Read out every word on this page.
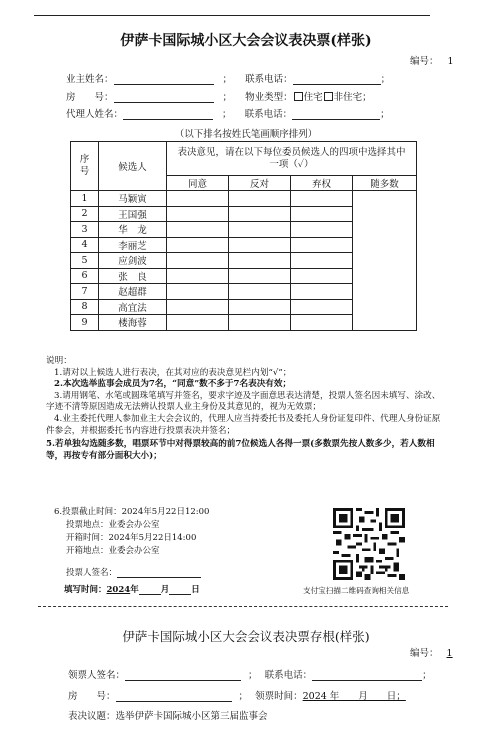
伊萨卡国际城小区大会会议表决票(样张)
编号： 1
业主姓名：	； 联系电话：	；
房　　号：	； 物业类型： 住宅 非住宅；
代理人姓名：	； 联系电话：	；
（以下排名按姓氏笔画顺序排列）
序号	候选人	表决意见，请在以下每位委员候选人的四项中选择其中一项（✓）			
		同意	反对	弃权	随多数
1	马颖寅				
2	王国强				
3	华　龙				
4	李丽芝				
5	应剑波				
6	张　良				
7	赵超群				
8	高宜法				
9	楼海蓉				

说明：

1.请对以上候选人进行表决，在其对应的表决意见栏内划“√”；

2.本次选举监事会成员为7名，“同意”数不多于7名表决有效；

3.请用钢笔、水笔或圆珠笔填写并签名，要求字迹及字面意思表达清楚，投票人签名因未填写、涂改、字迹不清等原因造成无法辨认投票人业主身份及其意见的，视为无效票；

4.业主委托代理人参加业主大会会议的，代理人应当持委托书及委托人身份证复印件、代理人身份证原件参会，并根据委托书内容进行投票表决并签名；

5.若单独勾选随多数，唱票环节中对得票较高的前7位候选人各得一票(多数票先按人数多少，若人数相等，再按专有部分面积大小)；

6.投票截止时间：2024年5月22日12:00
投票地点：业委会办公室
开箱时间：2024年5月22日14:00
开箱地点：业委会办公室
投票人签名：
填写时间：2024年	月	日	支付宝扫描二维码查询相关信息
伊萨卡国际城小区大会会议表决票存根(样张)
编号： 1
领票人签名：	； 联系电话：	；
房　　号：	； 领票时间：2024 年　　月　　日；
表决议题：选举伊萨卡国际城小区第三届监事会
